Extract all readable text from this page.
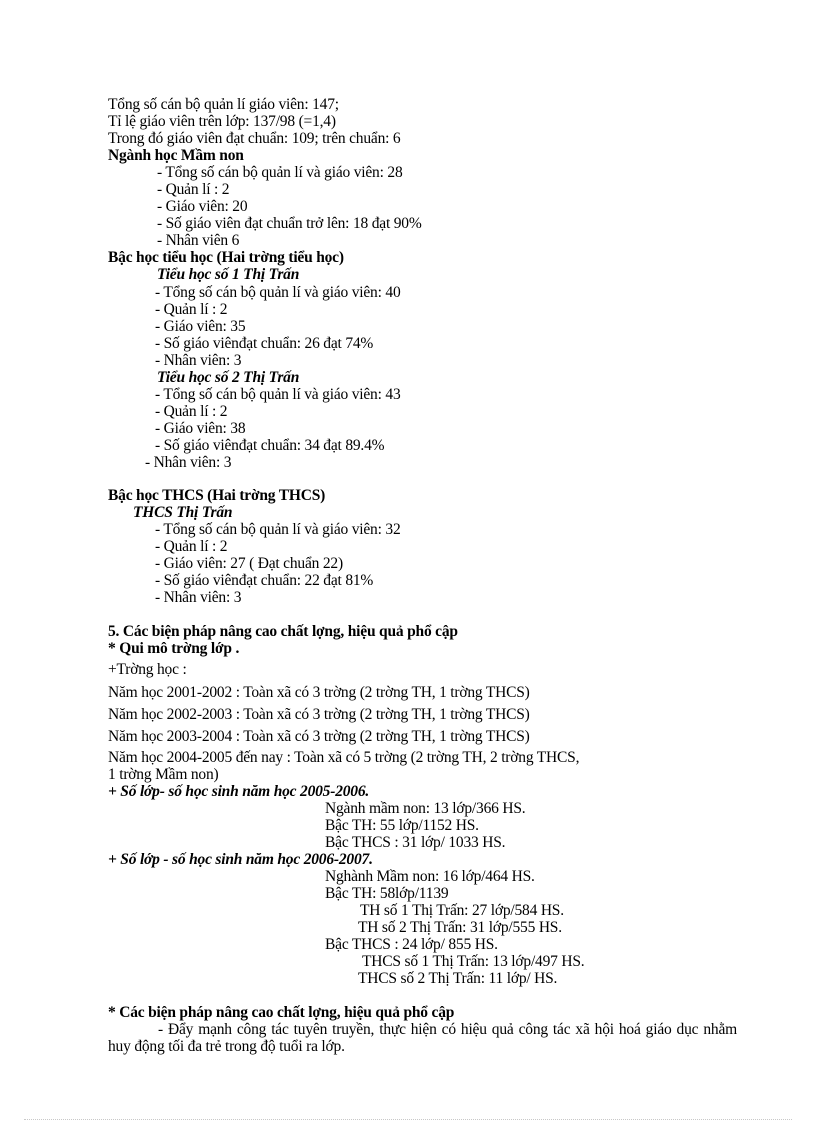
Tổng số cán bộ quản lí giáo viên: 147;
Tỉ lệ giáo viên trên lớp: 137/98 (=1,4)
Trong đó giáo viên đạt chuẩn: 109; trên chuẩn: 6
Ngành học Mầm non
- Tổng số cán bộ quản lí và giáo viên: 28
- Quản lí : 2
- Giáo viên: 20
- Số giáo viên đạt chuẩn trở lên: 18 đạt 90%
- Nhân viên 6
Bậc học tiểu học (Hai trờng tiểu học)
Tiểu học số 1 Thị Trấn
- Tổng số cán bộ quản lí và giáo viên: 40
- Quản lí : 2
- Giáo viên: 35
- Số giáo viênđạt chuẩn: 26 đạt 74%
- Nhân viên: 3
Tiểu học số 2 Thị Trấn
- Tổng số cán bộ quản lí và giáo viên: 43
- Quản lí : 2
- Giáo viên: 38
- Số giáo viênđạt chuẩn: 34 đạt 89.4%
- Nhân viên: 3
Bậc học THCS (Hai trờng THCS)
THCS Thị Trấn
- Tổng số cán bộ quản lí và giáo viên: 32
- Quản lí : 2
- Giáo viên: 27 ( Đạt chuẩn 22)
- Số giáo viênđạt chuẩn: 22 đạt 81%
- Nhân viên: 3
5. Các biện pháp nâng cao chất lợng, hiệu quả phổ cập
* Qui mô trờng lớp .
+Trờng học :
Năm học 2001-2002 : Toàn xã có 3 trờng (2 trờng TH, 1 trờng THCS)
Năm học 2002-2003 : Toàn xã có 3 trờng (2 trờng TH, 1 trờng THCS)
Năm học 2003-2004 : Toàn xã có 3 trờng (2 trờng TH, 1 trờng THCS)
Năm học 2004-2005 đến nay : Toàn xã có 5 trờng (2 trờng TH, 2 trờng THCS,
1 trờng Mầm non)
+ Số lớp- số học sinh năm học 2005-2006.
Ngành mầm non: 13 lớp/366 HS.
Bậc TH: 55 lớp/1152 HS.
Bậc THCS : 31 lớp/ 1033 HS.
+ Số lớp - số học sinh năm học 2006-2007.
Nghành Mầm non: 16 lớp/464 HS.
Bậc TH: 58lớp/1139
TH số 1 Thị Trấn: 27 lớp/584 HS.
TH số 2 Thị Trấn: 31 lớp/555 HS.
Bậc THCS : 24 lớp/ 855 HS.
THCS số 1 Thị Trấn: 13 lớp/497 HS.
THCS số 2 Thị Trấn: 11 lớp/ HS.
* Các biện pháp nâng cao chất lợng, hiệu quả phổ cập
- Đẩy mạnh công tác tuyên truyền, thực hiện có hiệu quả công tác xã hội hoá giáo dục nhằm huy động tối đa trẻ trong độ tuổi ra lớp.
